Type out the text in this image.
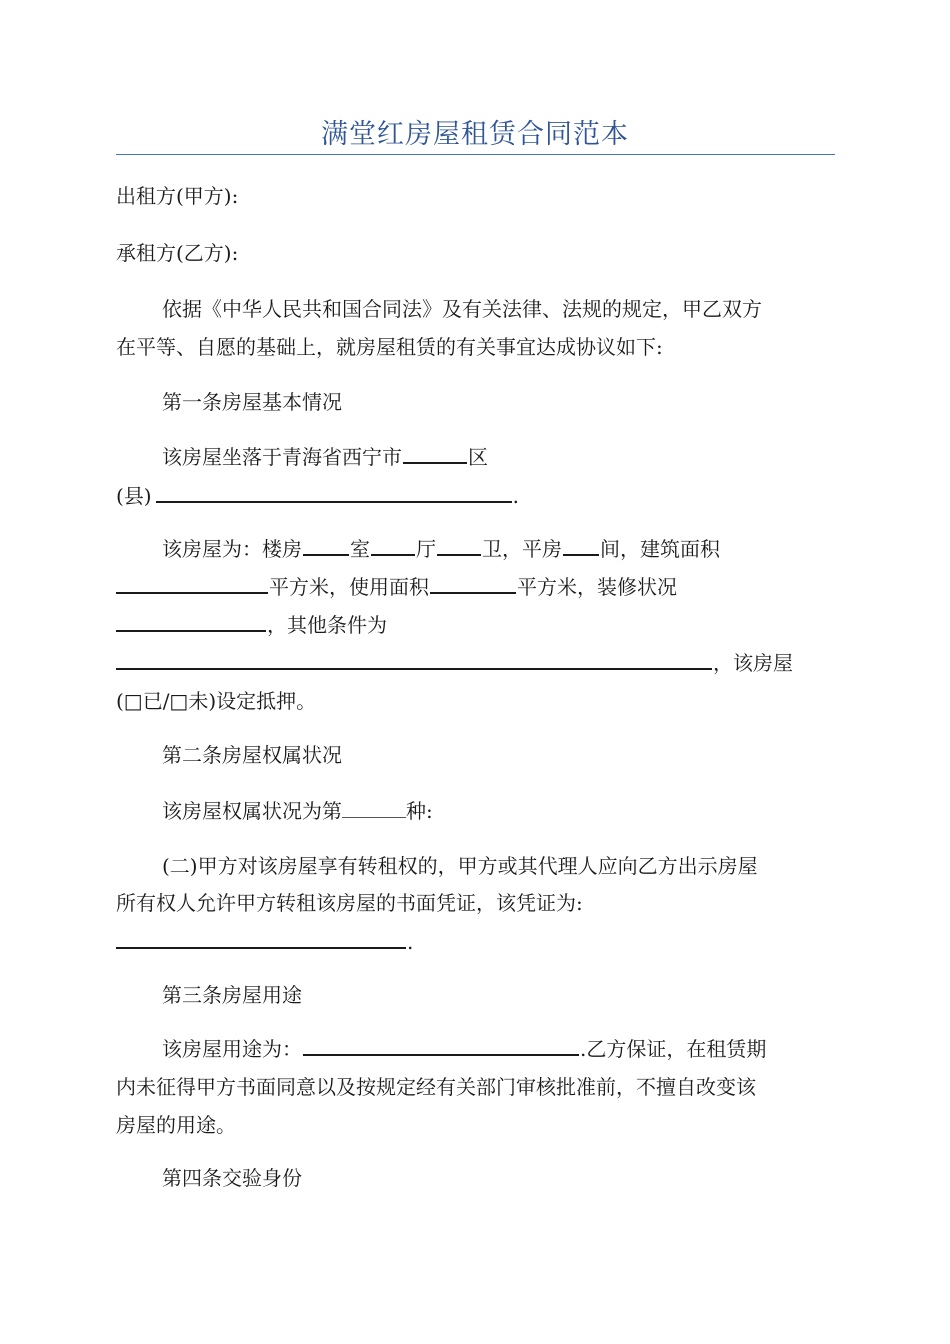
满堂红房屋租赁合同范本
出租方(甲方):
承租方(乙方):
依据《中华人民共和国合同法》及有关法律、法规的规定，甲乙双方
在平等、自愿的基础上，就房屋租赁的有关事宜达成协议如下:
第一条房屋基本情况
该房屋坐落于青海省西宁市	区
(县)	.
该房屋为：楼房 室 厅 卫，平房 间，建筑面积
平方米，使用面积	平方米，装修状况
，其他条件为
，该房屋
(□已/□未)设定抵押。
第二条房屋权属状况
该房屋权属状况为第	种:
(二)甲方对该房屋享有转租权的，甲方或其代理人应向乙方出示房屋
所有权人允许甲方转租该房屋的书面凭证，该凭证为:
.
第三条房屋用途
该房屋用途为：	.乙方保证，在租赁期
内未征得甲方书面同意以及按规定经有关部门审核批准前，不擅自改变该
房屋的用途。
第四条交验身份
